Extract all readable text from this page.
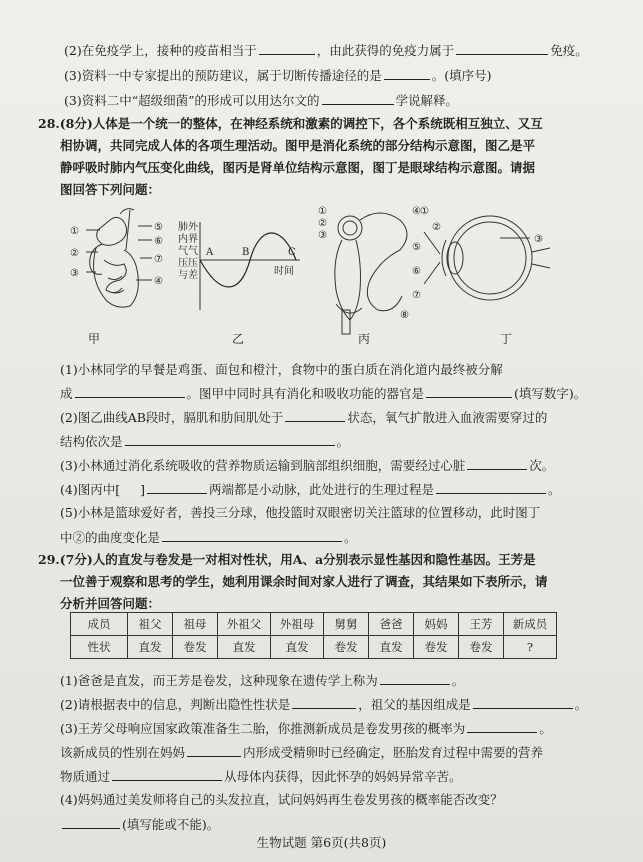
(2)在免疫学上，接种的疫苗相当于	，由此获得的免疫力属于	免疫。
(3)资料一中专家提出的预防建议，属于切断传播途径的是	。(填序号)
(3)资料二中“超级细菌”的形成可以用达尔文的	学说解释。
28.(8分)人体是一个统一的整体，在神经系统和激素的调控下，各个系统既相互独立、又互
相协调，共同完成人体的各项生理活动。图甲是消化系统的部分结构示意图，图乙是平
静呼吸时肺内气压变化曲线，图丙是肾单位结构示意图，图丁是眼球结构示意图。请据
图回答下列问题：
①
②
③
⑤
⑥
⑦
④
肺外
内界
气气
压压
与差
A	B	C
时间
①
②
③
④
⑤
⑥
⑦
⑧
①
②
③
甲	乙	丙	丁
(1)小林同学的早餐是鸡蛋、面包和橙汁，食物中的蛋白质在消化道内最终被分解
成	。图甲中同时具有消化和吸收功能的器官是	(填写数字)。
(2)图乙曲线AB段时，膈肌和肋间肌处于	状态，氧气扩散进入血液需要穿过的
结构依次是	。
(3)小林通过消化系统吸收的营养物质运输到脑部组织细胞，需要经过心脏	次。
(4)图丙中[ ]	两端都是小动脉，此处进行的生理过程是	。
(5)小林是篮球爱好者，善投三分球，他投篮时双眼密切关注篮球的位置移动，此时图丁
中②的曲度变化是	。
29.(7分)人的直发与卷发是一对相对性状，用A、a分别表示显性基因和隐性基因。王芳是
一位善于观察和思考的学生，她利用课余时间对家人进行了调查，其结果如下表所示，请
分析并回答问题：
成员	祖父	祖母	外祖父	外祖母	舅舅	爸爸	妈妈	王芳	新成员
性状	直发	卷发	直发	直发	卷发	直发	卷发	卷发	?
(1)爸爸是直发，而王芳是卷发，这种现象在遗传学上称为	。
(2)请根据表中的信息，判断出隐性性状是	，祖父的基因组成是	。
(3)王芳父母响应国家政策准备生二胎，你推测新成员是卷发男孩的概率为	。
该新成员的性别在妈妈	内形成受精卵时已经确定，胚胎发育过程中需要的营养
物质通过	从母体内获得，因此怀孕的妈妈异常辛苦。
(4)妈妈通过美发师将自己的头发拉直，试问妈妈再生卷发男孩的概率能否改变？
(填写能或不能)。
生物试题 第6页(共8页)
